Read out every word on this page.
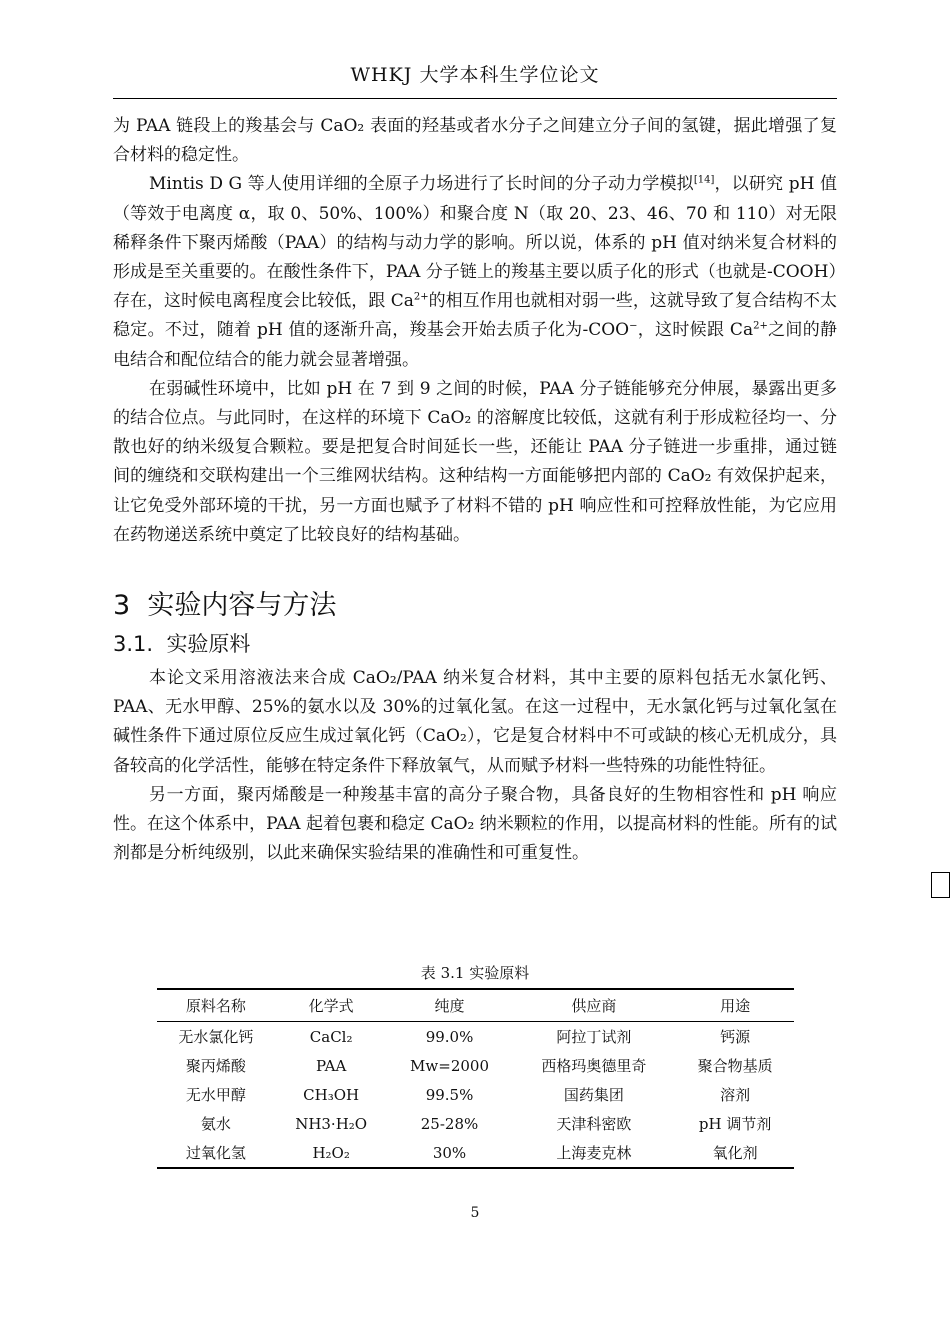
WHKJ 大学本科生学位论文

为 PAA 链段上的羧基会与 CaO₂ 表面的羟基或者水分子之间建立分子间的氢键，据此增强了复合材料的稳定性。

Mintis D G 等人使用详细的全原子力场进行了长时间的分子动力学模拟[14]，以研究 pH 值（等效于电离度 α，取 0、50%、100%）和聚合度 N（取 20、23、46、70 和 110）对无限稀释条件下聚丙烯酸（PAA）的结构与动力学的影响。所以说，体系的 pH 值对纳米复合材料的形成是至关重要的。在酸性条件下，PAA 分子链上的羧基主要以质子化的形式（也就是-COOH）存在，这时候电离程度会比较低，跟 $Ca^{2+}$的相互作用也就相对弱一些，这就导致了复合结构不太稳定。不过，随着 pH 值的逐渐升高，羧基会开始去质子化为-COO−，这时候跟 $Ca^{2+}$之间的静电结合和配位结合的能力就会显著增强。

在弱碱性环境中，比如 pH 在 7 到 9 之间的时候，PAA 分子链能够充分伸展，暴露出更多的结合位点。与此同时，在这样的环境下 CaO₂ 的溶解度比较低，这就有利于形成粒径均一、分散也好的纳米级复合颗粒。要是把复合时间延长一些，还能让 PAA 分子链进一步重排，通过链间的缠绕和交联构建出一个三维网状结构。这种结构一方面能够把内部的 CaO₂ 有效保护起来，让它免受外部环境的干扰，另一方面也赋予了材料不错的 pH 响应性和可控释放性能，为它应用在药物递送系统中奠定了比较良好的结构基础。

3 实验内容与方法
3.1. 实验原料

本论文采用溶液法来合成 CaO₂/PAA 纳米复合材料，其中主要的原料包括无水氯化钙、PAA、无水甲醇、25%的氨水以及 30%的过氧化氢。在这一过程中，无水氯化钙与过氧化氢在碱性条件下通过原位反应生成过氧化钙（CaO₂），它是复合材料中不可或缺的核心无机成分，具备较高的化学活性，能够在特定条件下释放氧气，从而赋予材料一些特殊的功能性特征。

另一方面，聚丙烯酸是一种羧基丰富的高分子聚合物，具备良好的生物相容性和 pH 响应性。在这个体系中，PAA 起着包裹和稳定 CaO₂ 纳米颗粒的作用，以提高材料的性能。所有的试剂都是分析纯级别，以此来确保实验结果的准确性和可重复性。

表 3.1 实验原料
原料名称	化学式	纯度	供应商	用途
无水氯化钙	CaCl₂	99.0%	阿拉丁试剂	钙源
聚丙烯酸	PAA	Mw=2000	西格玛奥德里奇	聚合物基质
无水甲醇	CH₃OH	99.5%	国药集团	溶剂
氨水	NH3·H₂O	25-28%	天津科密欧	pH 调节剂
过氧化氢	H₂O₂	30%	上海麦克林	氧化剂
5
